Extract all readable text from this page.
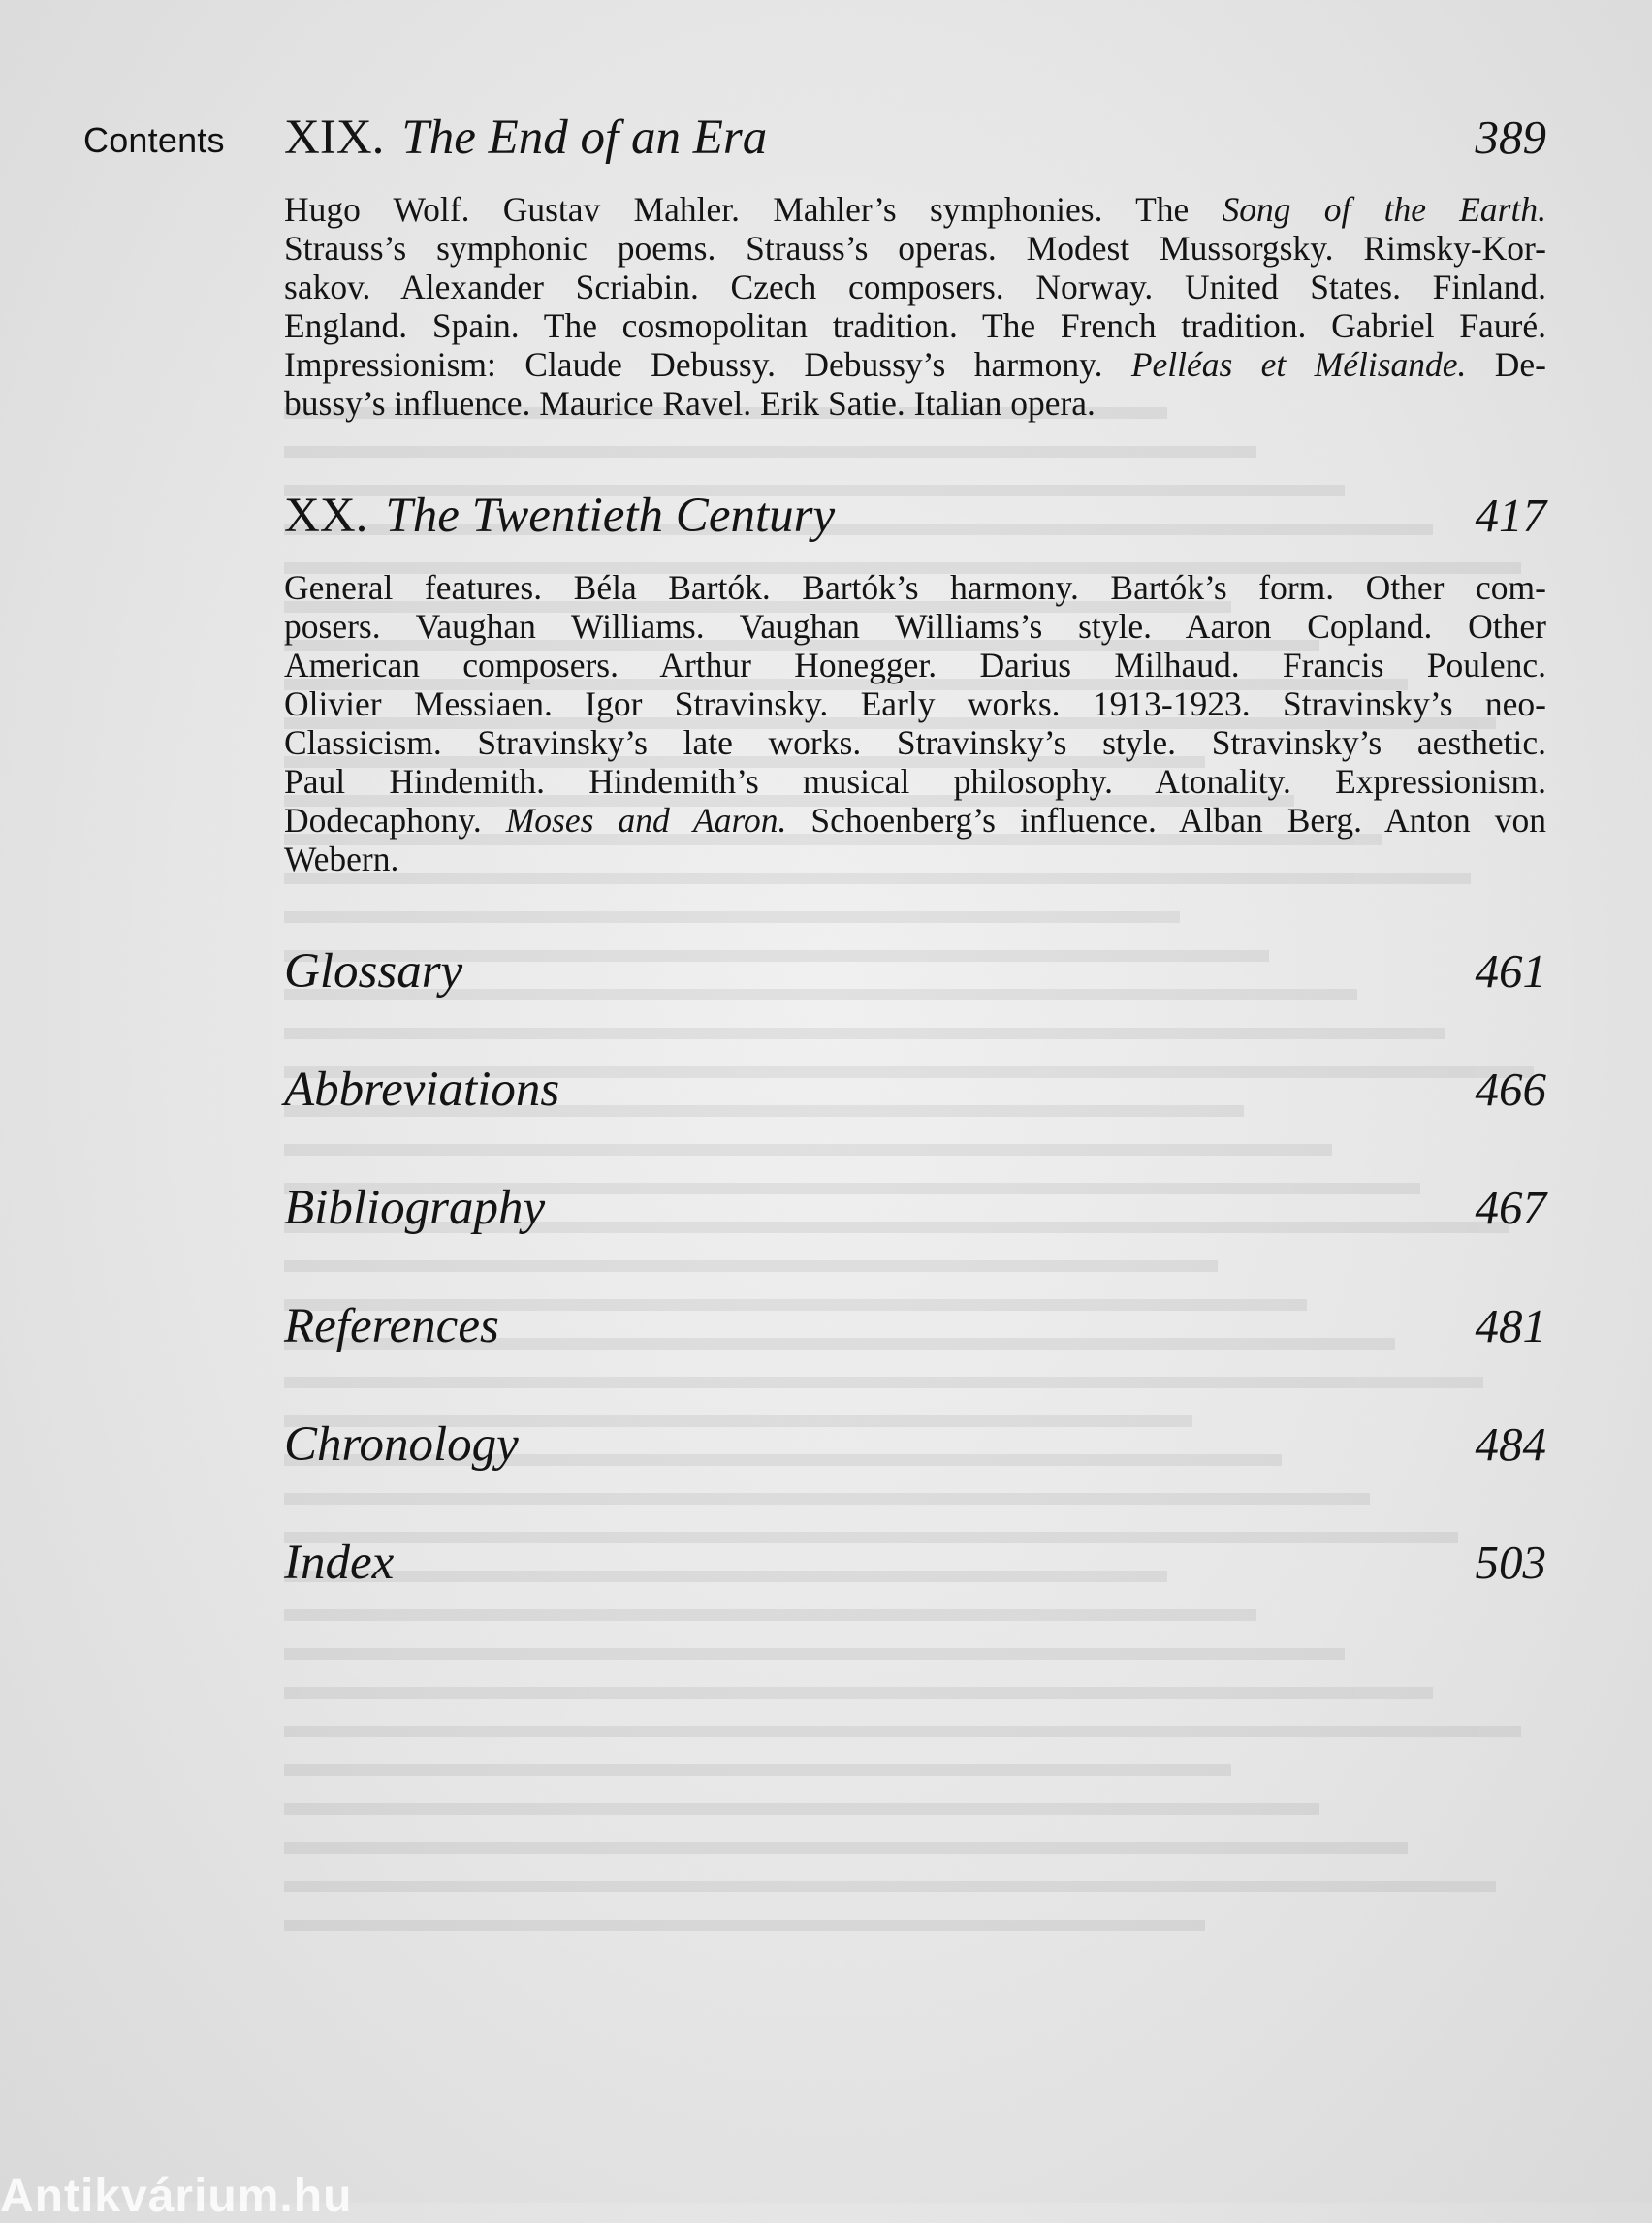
Contents XIX. The End of an Era	389
Hugo Wolf. Gustav Mahler. Mahler’s symphonies. The Song of the Earth.
Strauss’s symphonic poems. Strauss’s operas. Modest Mussorgsky. Rimsky-Kor-
sakov. Alexander Scriabin. Czech composers. Norway. United States. Finland.
England. Spain. The cosmopolitan tradition. The French tradition. Gabriel Fauré.
Impressionism: Claude Debussy. Debussy’s harmony. Pelléas et Mélisande. De-
bussy’s influence. Maurice Ravel. Erik Satie. Italian opera.
XX. The Twentieth Century	417
General features. Béla Bartók. Bartók’s harmony. Bartók’s form. Other com-
posers. Vaughan Williams. Vaughan Williams’s style. Aaron Copland. Other
American composers. Arthur Honegger. Darius Milhaud. Francis Poulenc.
Olivier Messiaen. Igor Stravinsky. Early works. 1913-1923. Stravinsky’s neo-
Classicism. Stravinsky’s late works. Stravinsky’s style. Stravinsky’s aesthetic.
Paul Hindemith. Hindemith’s musical philosophy. Atonality. Expressionism.
Dodecaphony. Moses and Aaron. Schoenberg’s influence. Alban Berg. Anton von
Webern.
Glossary	461
Abbreviations	466
Bibliography	467
References	481
Chronology	484
Index	503
Antikvárium.hu
